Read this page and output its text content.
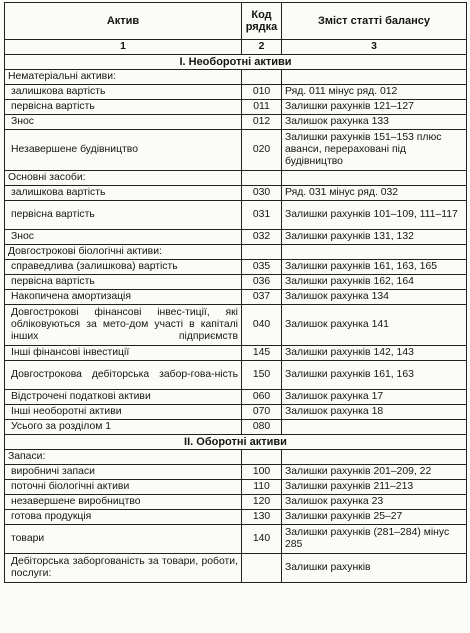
Актив	Код рядка	Зміст статті балансу
1	2	3
І. Необоротні активи		
Нематеріальні активи:		
залишкова вартість	010	Ряд. 011 мінус ряд. 012
первісна вартість	011	Залишки рахунків 121–127
Знос	012	Залишок рахунка 133
Незавершене будівництво	020	Залишки рахунків 151–153 плюс аванси, перераховані під будівництво
Основні засоби:		
залишкова вартість	030	Ряд. 031 мінус ряд. 032
первісна вартість	031	Залишки рахунків 101–109, 111–117
Знос	032	Залишки рахунків 131, 132
Довгострокові біологічні активи:		
справедлива (залишкова) вартість	035	Залишки рахунків 161, 163, 165
первісна вартість	036	Залишки рахунків 162, 164
Накопичена амортизація	037	Залишок рахунка 134
Довгострокові фінансові інвес-тиції, які обліковуються за мето-дом участі в капіталі інших підприємств	040	Залишок рахунка 141
Інші фінансові інвестиції	145	Залишки рахунків 142, 143
Довгострокова дебіторська забор-гова-ність	150	Залишки рахунків 161, 163
Відстрочені податкові активи	060	Залишок рахунка 17
Інші необоротні активи	070	Залишок рахунка 18
Усього за розділом 1	080	
ІІ. Оборотні активи		
Запаси:		
виробничі запаси	100	Залишки рахунків 201–209, 22
поточні біологічні активи	110	Залишки рахунків 211–213
незавершене виробництво	120	Залишок рахунка 23
готова продукція	130	Залишки рахунків 25–27
товари	140	Залишки рахунків (281–284) мінус 285
Дебіторська заборгованість за товари, роботи, послуги:		Залишки рахунків
